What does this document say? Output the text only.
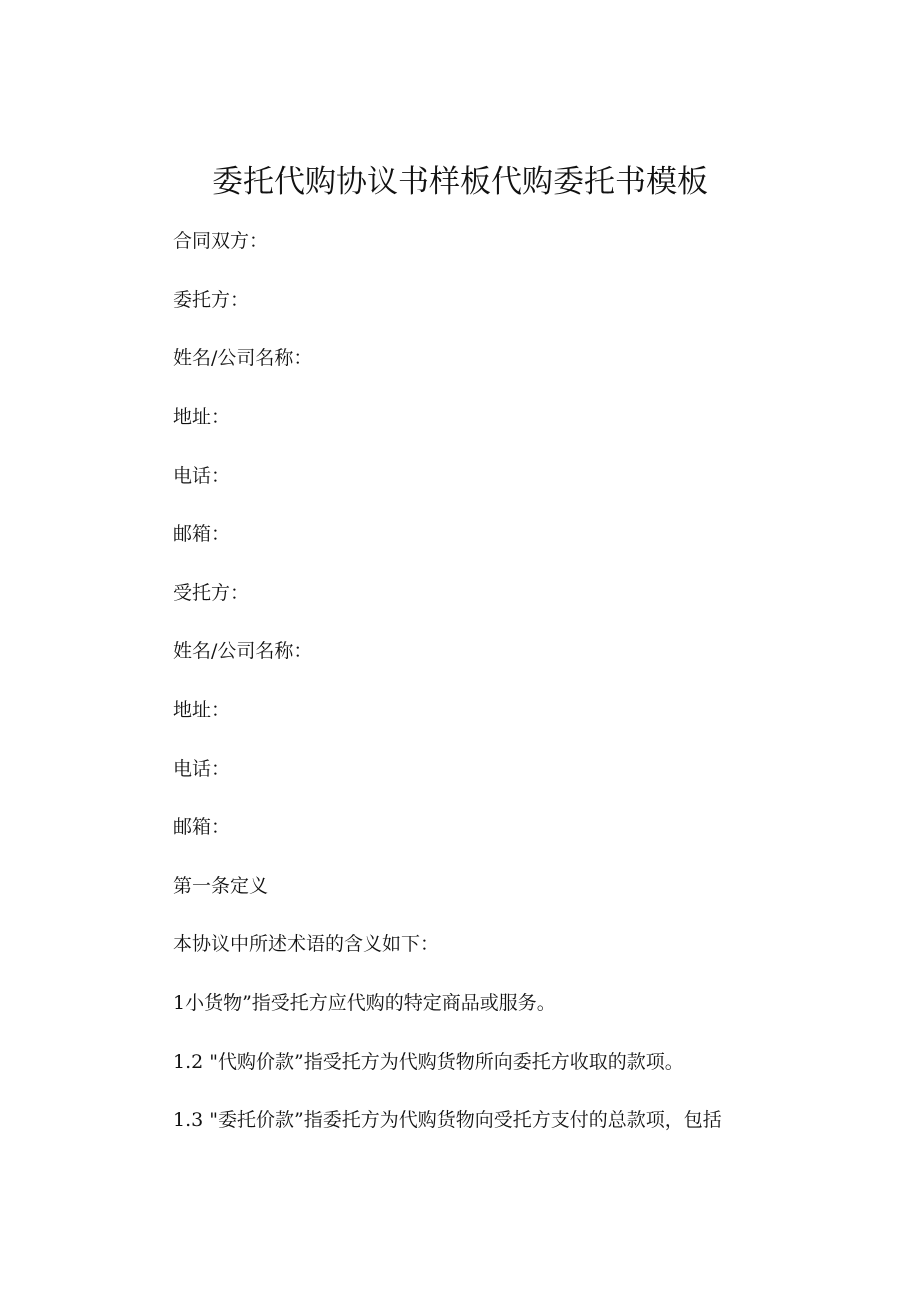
委托代购协议书样板代购委托书模板
合同双方：
委托方：
姓名/公司名称：
地址：
电话：
邮箱：
受托方：
姓名/公司名称：
地址：
电话：
邮箱：
第一条定义
本协议中所述术语的含义如下：
1小货物”指受托方应代购的特定商品或服务。
1.2 "代购价款”指受托方为代购货物所向委托方收取的款项。
1.3 "委托价款”指委托方为代购货物向受托方支付的总款项，包括
